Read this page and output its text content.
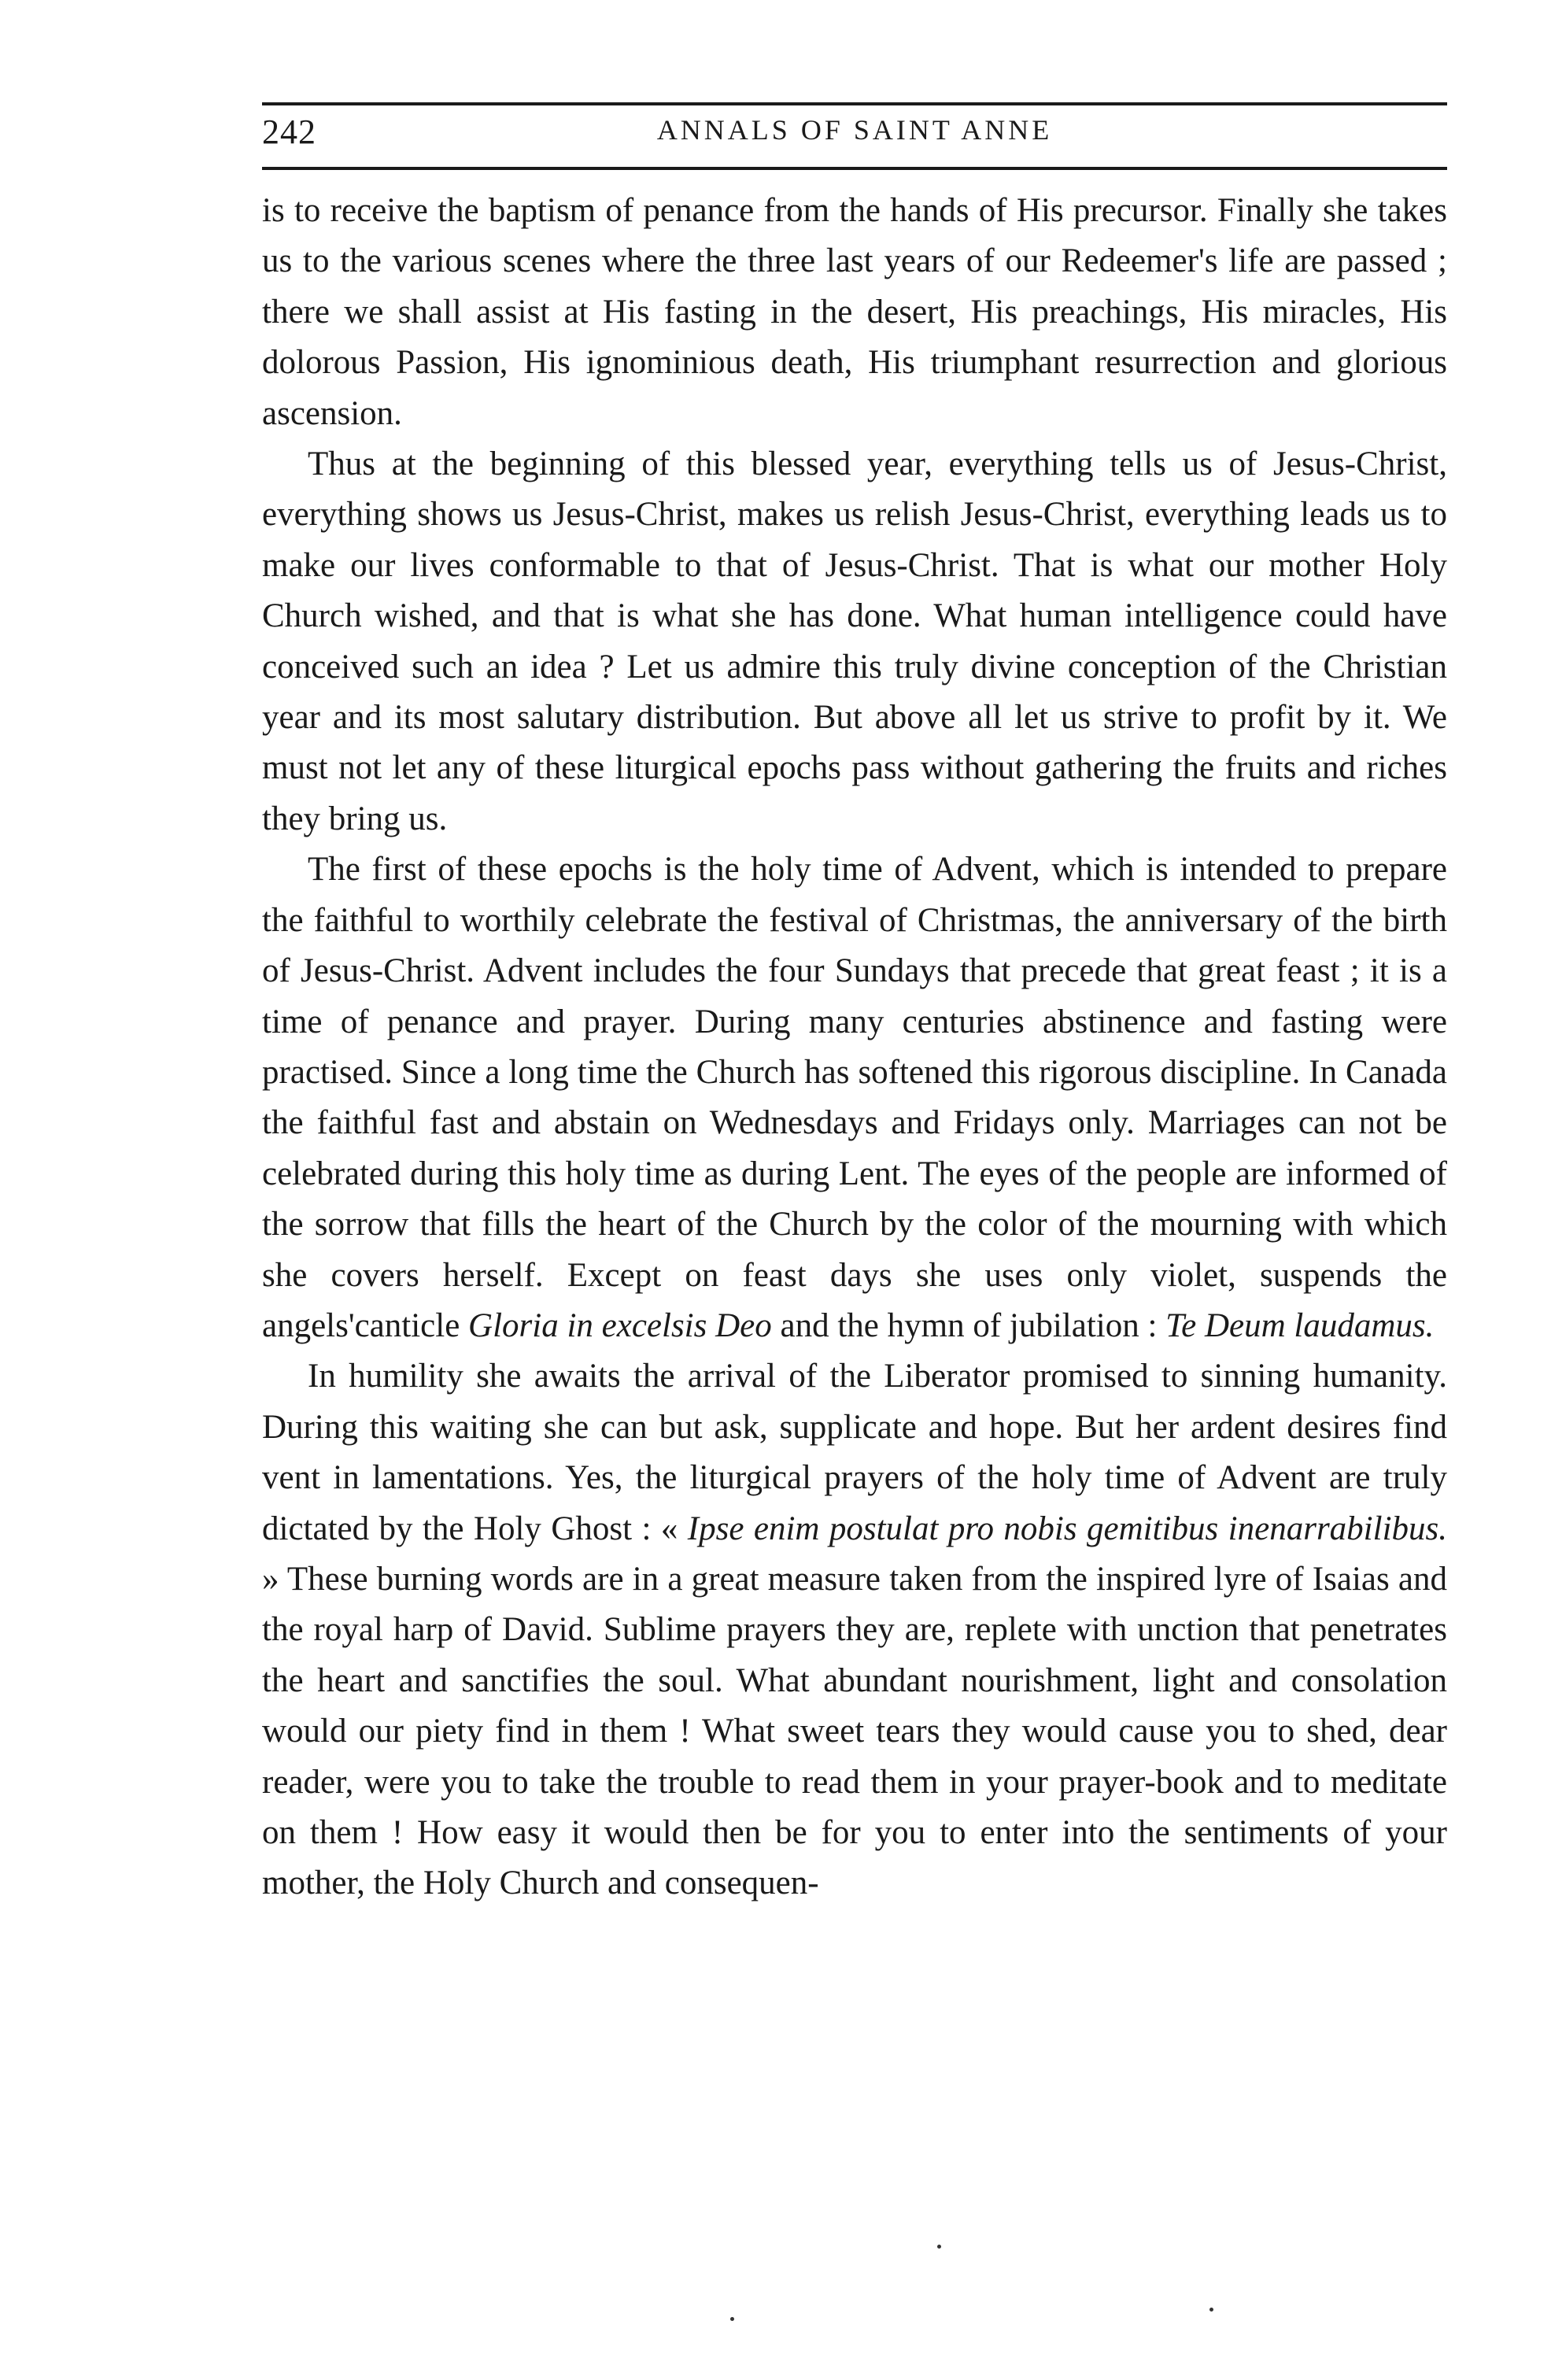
242	ANNALS OF SAINT ANNE

is to receive the baptism of penance from the hands of His precursor. Finally she takes us to the various scenes where the three last years of our Redeemer's life are passed ; there we shall assist at His fasting in the desert, His preachings, His miracles, His dolorous Passion, His ignominious death, His triumphant resurrection and glorious ascension.

Thus at the beginning of this blessed year, everything tells us of Jesus-Christ, everything shows us Jesus-Christ, makes us relish Jesus-Christ, everything leads us to make our lives conformable to that of Jesus-Christ. That is what our mother Holy Church wished, and that is what she has done. What human intelligence could have conceived such an idea ? Let us admire this truly divine conception of the Christian year and its most salutary distribution. But above all let us strive to profit by it. We must not let any of these liturgical epochs pass without gathering the fruits and riches they bring us.

The first of these epochs is the holy time of Advent, which is intended to prepare the faithful to worthily celebrate the festival of Christmas, the anniversary of the birth of Jesus-Christ. Advent includes the four Sundays that precede that great feast ; it is a time of penance and prayer. During many centuries abstinence and fasting were practised. Since a long time the Church has softened this rigorous discipline. In Canada the faithful fast and abstain on Wednesdays and Fridays only. Marriages can not be celebrated during this holy time as during Lent. The eyes of the people are informed of the sorrow that fills the heart of the Church by the color of the mourning with which she covers herself. Except on feast days she uses only violet, suspends the angels'canticle Gloria in excelsis Deo and the hymn of jubilation : Te Deum laudamus.

In humility she awaits the arrival of the Liberator promised to sinning humanity. During this waiting she can but ask, supplicate and hope. But her ardent desires find vent in lamentations. Yes, the liturgical prayers of the holy time of Advent are truly dictated by the Holy Ghost : « Ipse enim postulat pro nobis gemitibus inenarrabilibus. » These burning words are in a great measure taken from the inspired lyre of Isaias and the royal harp of David. Sublime prayers they are, replete with unction that penetrates the heart and sanctifies the soul. What abundant nourishment, light and consolation would our piety find in them ! What sweet tears they would cause you to shed, dear reader, were you to take the trouble to read them in your prayer-book and to meditate on them ! How easy it would then be for you to enter into the sentiments of your mother, the Holy Church and consequen-
